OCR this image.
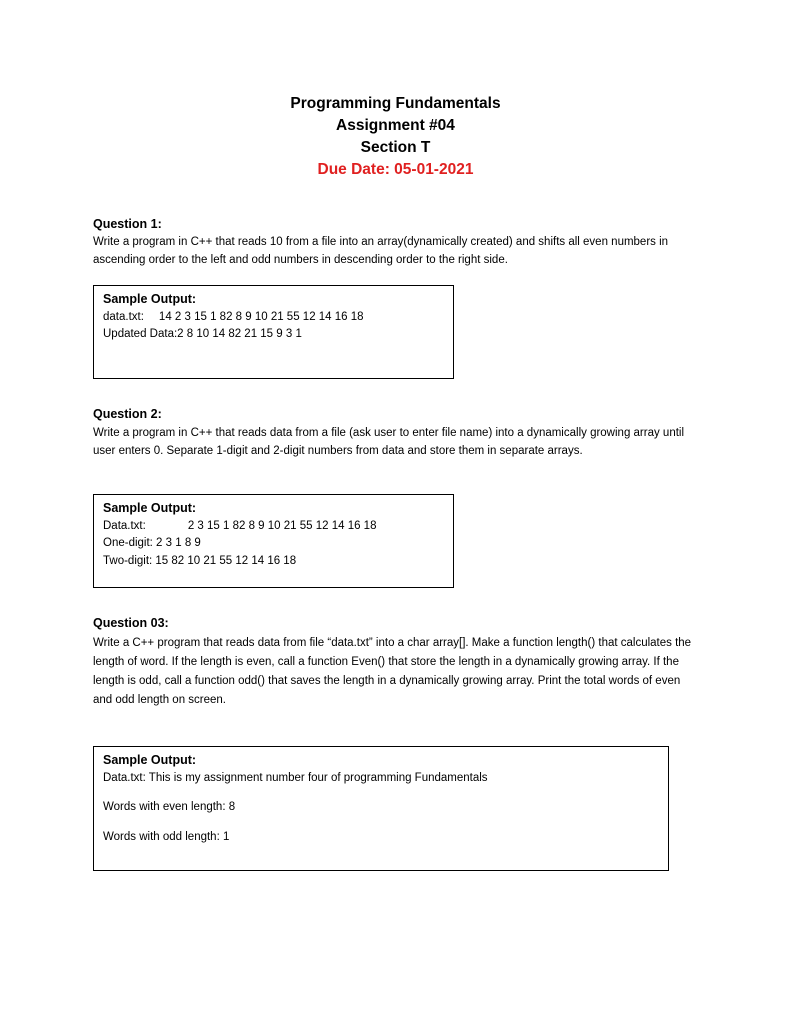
Programming Fundamentals
Assignment #04
Section T
Due Date: 05-01-2021
Question 1:
Write a program in C++ that reads 10 from a file into an array(dynamically created) and shifts all even numbers in ascending order to the left and odd numbers in descending order to the right side.

Sample Output:

data.txt: 14 2 3 15 1 82 8 9 10 21 55 12 14 16 18

Updated Data:2 8 10 14 82 21 15 9 3 1

Question 2:
Write a program in C++ that reads data from a file (ask user to enter file name) into a dynamically growing array until user enters 0. Separate 1-digit and 2-digit numbers from data and store them in separate arrays.

Sample Output:

Data.txt:	2 3 15 1 82 8 9 10 21 55 12 14 16 18

One-digit: 2 3 1 8 9

Two-digit: 15 82 10 21 55 12 14 16 18

Question 03:
Write a C++ program that reads data from file “data.txt” into a char array[]. Make a function length() that calculates the length of word. If the length is even, call a function Even() that store the length in a dynamically growing array. If the length is odd, call a function odd() that saves the length in a dynamically growing array. Print the total words of even and odd length on screen.

Sample Output:

Data.txt: This is my assignment number four of programming Fundamentals

Words with even length: 8

Words with odd length: 1
